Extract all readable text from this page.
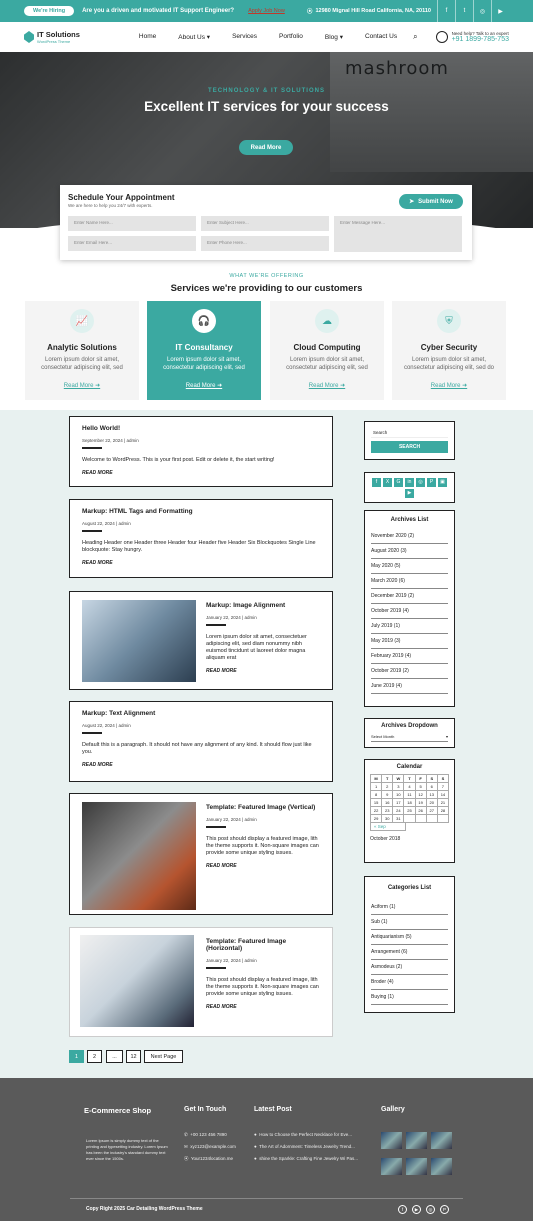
We're Hiring	Are you a driven and motivated IT Support Engineer?	Apply Job Now	⦿ 12980 Mignal Hill Road California, NA, 20110	f	t	◎	▶
IT Solutions
WordPress Theme
Home	About Us ▾	Services	Portfolio	Blog ▾	Contact Us	⌕	Need help? Talk to an expert
+91 1899-785-753
mashroom
TECHNOLOGY & IT SOLUTIONS
Excellent IT services for your success
Read More
Schedule Your Appointment
We are here to help you 24/7 with experts.
➤ Submit Now
Enter Name Here...	Enter Subject Here...	Enter Message Here...
Enter Email Here...	Enter Phone Here...
WHAT WE'RE OFFERING
Services we're providing to our customers
📈
Analytic Solutions
Lorem ipsum dolor sit amet, consectetur adipiscing elit, sed
Read More ➜
🎧
IT Consultancy
Lorem ipsum dolor sit amet, consectetur adipiscing elit, sed
Read More ➜
☁
Cloud Computing
Lorem ipsum dolor sit amet, consectetur adipiscing elit, sed
Read More ➜
⛨
Cyber Security
Lorem ipsum dolor sit amet, consectetur adipiscing elit, sed do
Read More ➜
Hello World!
September 22, 2024 | admin
Welcome to WordPress. This is your first post. Edit or delete it, the start writing!
READ MORE
Markup: HTML Tags and Formatting
August 22, 2024 | admin
Heading Header one Header three Header four Header five Header Six Blockquotes Single Line blockquote: Stay hungry.
READ MORE
Markup: Image Alignment
January 22, 2024 | admin
Lorem ipsum dolor sit amet, consectetuer adipiscing elit, sed diam nonummy nibh euismod tincidunt ut laoreet dolor magna aliquam erat
READ MORE
Markup: Text Alignment
August 22, 2024 | admin
Default this is a paragraph. It should not have any alignment of any kind. It should flow just like you.
READ MORE
Template: Featured Image (Vertical)
January 22, 2024 | admin
This post should display a featured image, lith the theme supports it. Non-square images can provide some unique styling issues.
READ MORE
Template: Featured Image (Horizontal)
January 22, 2024 | admin
This post should display a featured image, lith the theme supports it. Non-square images can provide some unique styling issues.
READ MORE
1	2	...	12	Next Page
Search
SEARCH
f	X	G	in	◎	P	▣
▶
Archives List
November 2020 (2)
August 2020 (3)
May 2020 (5)
March 2020 (6)
December 2019 (2)
October 2019 (4)
July 2019 (1)
May 2019 (3)
February 2019 (4)
October 2019 (2)
June 2019 (4)
Archives Dropdown
Select Month	▾
Calendar
M	T	W	T	F	S	S
1	2	3	4	5	6	7
8	9	10	11	12	13	14
15	16	17	18	19	20	21
22	23	24	25	26	27	28
29	30	31
« Sep
October 2018
Categories List
Aciform (1)
Sub (1)
Antiquarianism (5)
Arrangement (6)
Asmodeus (2)
Broder (4)
Buying (1)
E-Commerce Shop
Lorem Ipsum is simply dummy text of the printing and typesetting industry. Lorem Ipsum has been the industry's standard dummy text ever since the 1500s.
Get In Touch
✆ +00 123 456 7890
✉ xyz123@example.com
⦿ Your1234location.me
Latest Post
●  How to Choose the Perfect Necklace for Eve...
●  The Art of Adornment: Timeless Jewelry Trend...
●  shine the Sparkle: Crafting Fine Jewelry Wi Pas...
Gallery
Copy Right 2025 Car Detailing WordPress Theme	f	▶	◎	P
